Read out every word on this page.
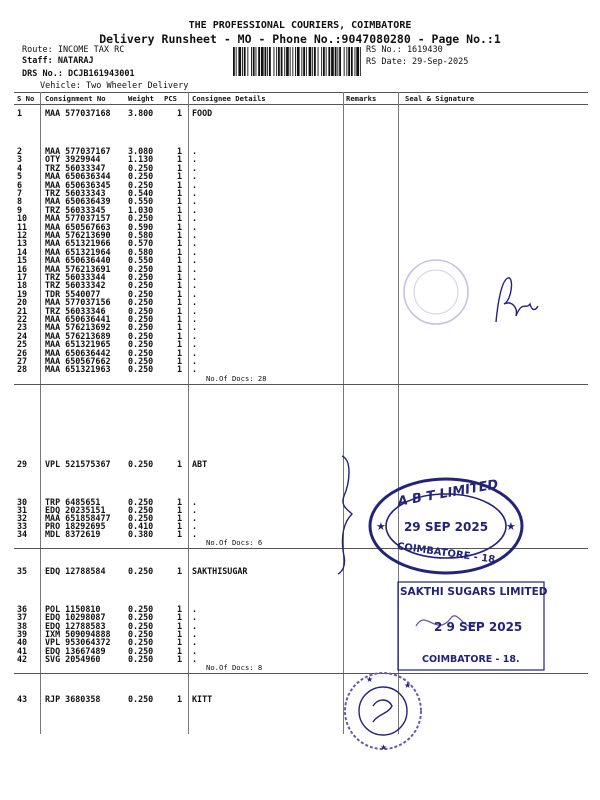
THE PROFESSIONAL COURIERS, COIMBATORE
Delivery Runsheet - MO - Phone No.:9047080280 - Page No.:1
Route: INCOME TAX RC
Staff: NATARAJ
DRS No.: DCJB161943001
Vehicle: Two Wheeler Delivery
RS No.: 1619430
RS Date: 29-Sep-2025
S No Consignment No	Weight PCS Consignee Details	Remarks	Seal & Signature
1	MAA 577037168 3.800	1 FOOD
2	MAA 577037167 3.080	1 .
3	OTY 3929944	1.130	1 .
4	TRZ 56033347	0.250	1 .
5	MAA 650636344 0.250	1 .
6	MAA 650636345 0.250	1 .
7	TRZ 56033343	0.540	1 .
8	MAA 650636439 0.550	1 .
9	TRZ 56033345	1.030	1 .
10 MAA 577037157 0.250	1 .
11 MAA 650567663 0.590	1 .
12 MAA 576213690 0.580	1 .
13 MAA 651321966 0.570	1 .
14 MAA 651321964 0.580	1 .
15 MAA 650636440 0.550	1 .
16 MAA 576213691 0.250	1 .
17 TRZ 56033344	0.250	1 .
18 TRZ 56033342	0.250	1 .
19 TDR 5540077	0.250	1 .
20 MAA 577037156 0.250	1 .
21 TRZ 56033346	0.250	1 .
22 MAA 650636441 0.250	1 .
23 MAA 576213692 0.250	1 .
24 MAA 576213689 0.250	1 .
25 MAA 651321965 0.250	1 .
26 MAA 650636442 0.250	1 .
27 MAA 650567662 0.250	1 .
28 MAA 651321963 0.250	1 .
No.Of Docs: 28
29 VPL 521575367 0.250	1 ABT
30 TRP 6485651	0.250	1 .
31 EDQ 20235151	0.250	1 .
32 MAA 651858477 0.250	1 .
33 PRO 18292695	0.410	1 .
34 MDL 8372619	0.380	1 .
No.Of Docs: 6
35 EDQ 12788584	0.250	1 SAKTHISUGAR
36 POL 1150810	0.250	1 .
37 EDQ 10298087	0.250	1 .
38 EDQ 12788583	0.250	1 .
39 IXM 509094888 0.250	1 .
40 VPL 953064372 0.250	1 .
41 EDQ 13667489	0.250	1 .
42 SVG 2054960	0.250	1 .
No.Of Docs: 8
43 RJP 3680358	0.250	1 KITT
★	★
A B T LIMITED
29 SEP 2025
COIMBATORE - 18
SAKTHI SUGARS LIMITED
2 9 SEP 2025
COIMBATORE - 18.
★
★
★
